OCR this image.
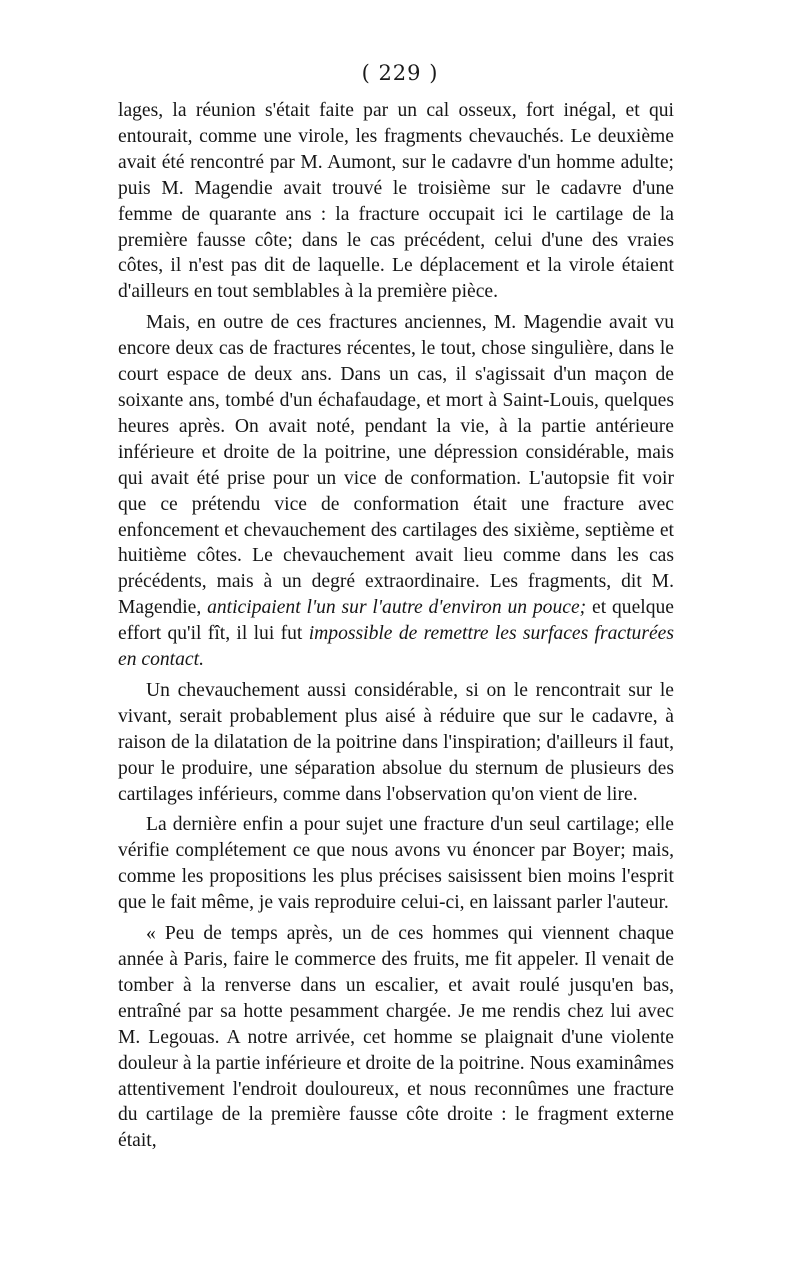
( 229 )

lages, la réunion s'était faite par un cal osseux, fort inégal, et qui entourait, comme une virole, les fragments chevauchés. Le deuxième avait été rencontré par M. Aumont, sur le cadavre d'un homme adulte; puis M. Magendie avait trouvé le troisième sur le cadavre d'une femme de quarante ans : la fracture occupait ici le cartilage de la première fausse côte; dans le cas précédent, celui d'une des vraies côtes, il n'est pas dit de laquelle. Le déplacement et la virole étaient d'ailleurs en tout semblables à la première pièce.

Mais, en outre de ces fractures anciennes, M. Magendie avait vu encore deux cas de fractures récentes, le tout, chose singulière, dans le court espace de deux ans. Dans un cas, il s'agissait d'un maçon de soixante ans, tombé d'un échafaudage, et mort à Saint-Louis, quelques heures après. On avait noté, pendant la vie, à la partie antérieure inférieure et droite de la poitrine, une dépression considérable, mais qui avait été prise pour un vice de conformation. L'autopsie fit voir que ce prétendu vice de conformation était une fracture avec enfoncement et chevauchement des cartilages des sixième, septième et huitième côtes. Le chevauchement avait lieu comme dans les cas précédents, mais à un degré extraordinaire. Les fragments, dit M. Magendie, anticipaient l'un sur l'autre d'environ un pouce; et quelque effort qu'il fît, il lui fut impossible de remettre les surfaces fracturées en contact.

Un chevauchement aussi considérable, si on le rencontrait sur le vivant, serait probablement plus aisé à réduire que sur le cadavre, à raison de la dilatation de la poitrine dans l'inspiration; d'ailleurs il faut, pour le produire, une séparation absolue du sternum de plusieurs des cartilages inférieurs, comme dans l'observation qu'on vient de lire.

La dernière enfin a pour sujet une fracture d'un seul cartilage; elle vérifie complétement ce que nous avons vu énoncer par Boyer; mais, comme les propositions les plus précises saisissent bien moins l'esprit que le fait même, je vais reproduire celui-ci, en laissant parler l'auteur.

« Peu de temps après, un de ces hommes qui viennent chaque année à Paris, faire le commerce des fruits, me fit appeler. Il venait de tomber à la renverse dans un escalier, et avait roulé jusqu'en bas, entraîné par sa hotte pesamment chargée. Je me rendis chez lui avec M. Legouas. A notre arrivée, cet homme se plaignait d'une violente douleur à la partie inférieure et droite de la poitrine. Nous examinâmes attentivement l'endroit douloureux, et nous reconnûmes une fracture du cartilage de la première fausse côte droite : le fragment externe était,
